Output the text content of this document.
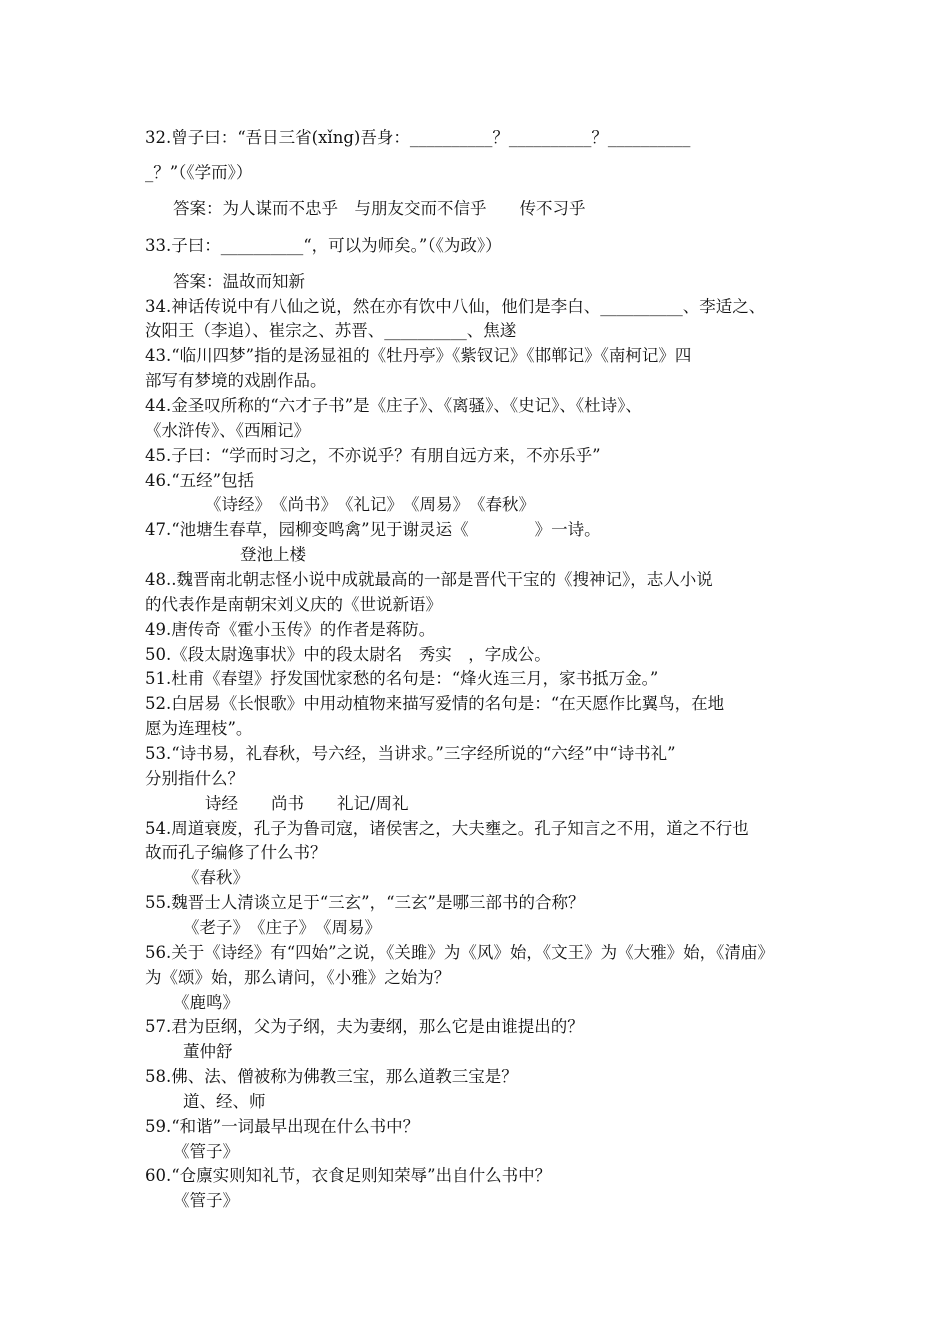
32.曾子曰：“吾日三省(xǐng)吾身：__________？__________？__________
_？”（《学而》）
答案：为人谋而不忠乎　与朋友交而不信乎　　传不习乎
33.子曰：__________“，可以为师矣。”（《为政》）
答案：温故而知新
34.神话传说中有八仙之说，然在亦有饮中八仙，他们是李白、__________、李适之、
汝阳王（李追）、崔宗之、苏晋、__________、焦遂
43.“临川四梦”指的是汤显祖的《牡丹亭》《紫钗记》《邯郸记》《南柯记》四
部写有梦境的戏剧作品。
44.金圣叹所称的“六才子书”是《庄子》、《离骚》、《史记》、《杜诗》、
《水浒传》、《西厢记》
45.子曰：“学而时习之，不亦说乎？有朋自远方来，不亦乐乎”
46.“五经”包括
《诗经》　《尚书》　《礼记》　《周易》　《春秋》
47.“池塘生春草，园柳变鸣禽”见于谢灵运《　　　　》一诗。
登池上楼
48..魏晋南北朝志怪小说中成就最高的一部是晋代干宝的《搜神记》，志人小说
的代表作是南朝宋刘义庆的《世说新语》
49.唐传奇《霍小玉传》的作者是蒋防。
50.《段太尉逸事状》中的段太尉名　秀实　，字成公。
51.杜甫《春望》抒发国忧家愁的名句是：“烽火连三月，家书抵万金。”
52.白居易《长恨歌》中用动植物来描写爱情的名句是：“在天愿作比翼鸟，在地
愿为连理枝”。
53.“诗书易，礼春秋，号六经，当讲求。”三字经所说的“六经”中“诗书礼”
分别指什么？
诗经　　尚书　　礼记/周礼
54.周道衰废，孔子为鲁司寇，诸侯害之，大夫壅之。孔子知言之不用，道之不行也
故而孔子编修了什么书？
《春秋》
55.魏晋士人清谈立足于“三玄”，“三玄”是哪三部书的合称？
《老子》　《庄子》　《周易》
56.关于《诗经》有“四始”之说，《关雎》为《风》始，《文王》为《大雅》始，《清庙》
为《颂》始，那么请问，《小雅》之始为？
《鹿鸣》
57.君为臣纲，父为子纲，夫为妻纲，那么它是由谁提出的？
董仲舒
58.佛、法、僧被称为佛教三宝，那么道教三宝是？
道、经、师
59.“和谐”一词最早出现在什么书中？
《管子》
60.“仓廪实则知礼节，衣食足则知荣辱”出自什么书中？
《管子》
